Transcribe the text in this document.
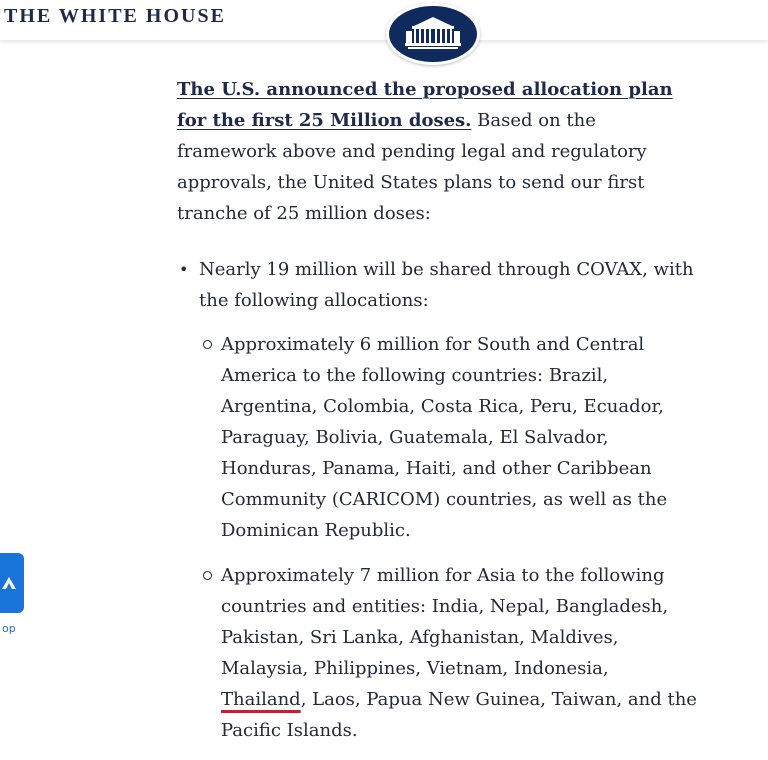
THE WHITE HOUSE

The U.S. announced the proposed allocation plan for the first 25 Million doses. Based on the framework above and pending legal and regulatory approvals, the United States plans to send our first tranche of 25 million doses:

• Nearly 19 million will be shared through COVAX, with the following allocations:
Approximately 6 million for South and Central America to the following countries: Brazil, Argentina, Colombia, Costa Rica, Peru, Ecuador, Paraguay, Bolivia, Guatemala, El Salvador, Honduras, Panama, Haiti, and other Caribbean Community (CARICOM) countries, as well as the Dominican Republic.
Approximately 7 million for Asia to the following countries and entities: India, Nepal, Bangladesh, Pakistan, Sri Lanka, Afghanistan, Maldives, Malaysia, Philippines, Vietnam, Indonesia, Thailand, Laos, Papua New Guinea, Taiwan, and the Pacific Islands.
op
